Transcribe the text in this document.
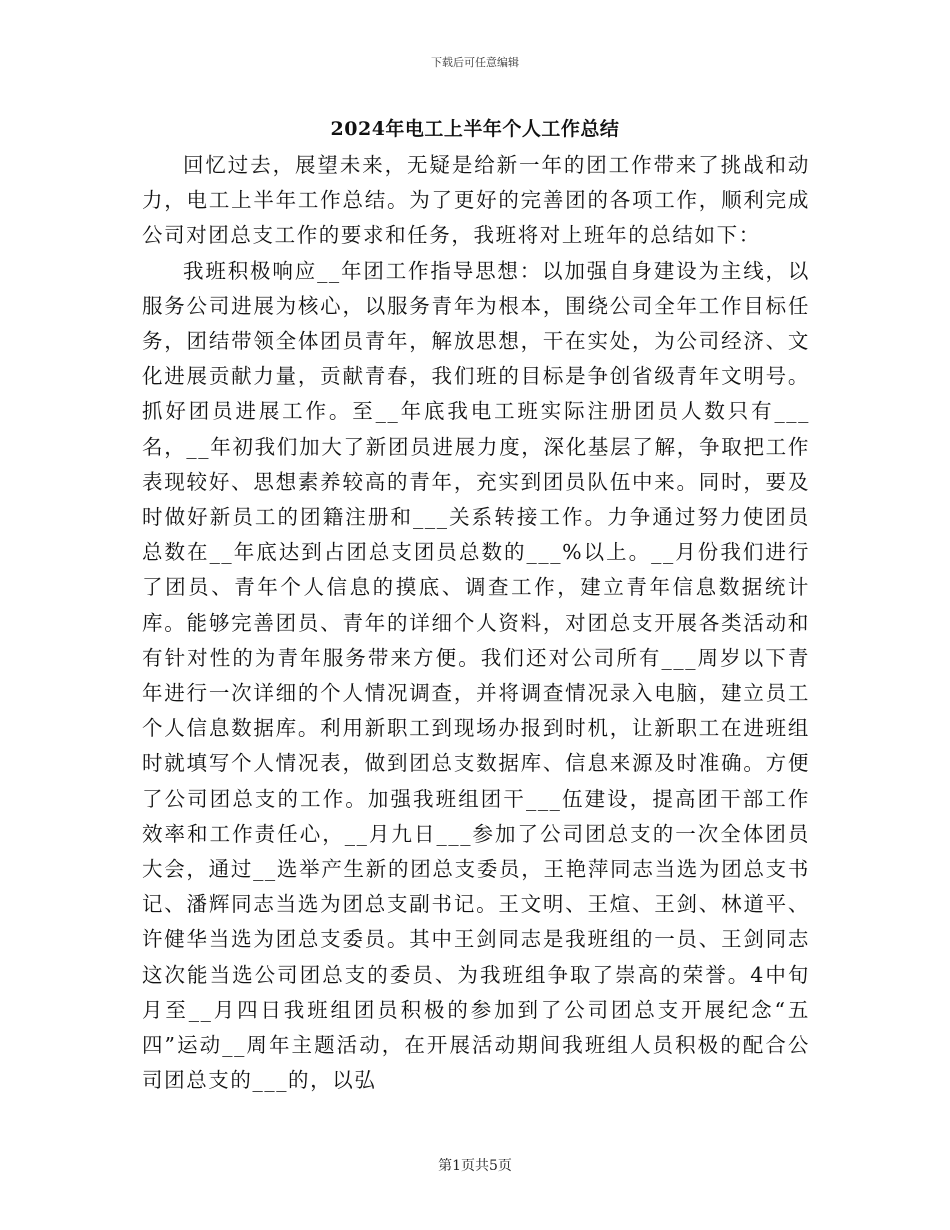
下载后可任意编辑
2024年电工上半年个人工作总结

回忆过去，展望未来，无疑是给新一年的团工作带来了挑战和动力，电工上半年工作总结。为了更好的完善团的各项工作，顺利完成公司对团总支工作的要求和任务，我班将对上班年的总结如下：

我班积极响应__年团工作指导思想：以加强自身建设为主线，以服务公司进展为核心，以服务青年为根本，围绕公司全年工作目标任务，团结带领全体团员青年，解放思想，干在实处，为公司经济、文化进展贡献力量，贡献青春，我们班的目标是争创省级青年文明号。抓好团员进展工作。至__年底我电工班实际注册团员人数只有___名，__年初我们加大了新团员进展力度，深化基层了解，争取把工作表现较好、思想素养较高的青年，充实到团员队伍中来。同时，要及时做好新员工的团籍注册和___关系转接工作。力争通过努力使团员总数在__年底达到占团总支团员总数的___%以上。__月份我们进行了团员、青年个人信息的摸底、调查工作，建立青年信息数据统计库。能够完善团员、青年的详细个人资料，对团总支开展各类活动和有针对性的为青年服务带来方便。我们还对公司所有___周岁以下青年进行一次详细的个人情况调查，并将调查情况录入电脑，建立员工个人信息数据库。利用新职工到现场办报到时机，让新职工在进班组时就填写个人情况表，做到团总支数据库、信息来源及时准确。方便了公司团总支的工作。加强我班组团干___伍建设，提高团干部工作效率和工作责任心，__月九日___参加了公司团总支的一次全体团员大会，通过__选举产生新的团总支委员，王艳萍同志当选为团总支书记、潘辉同志当选为团总支副书记。王文明、王煊、王剑、林道平、许健华当选为团总支委员。其中王剑同志是我班组的一员、王剑同志这次能当选公司团总支的委员、为我班组争取了崇高的荣誉。4中旬月至__月四日我班组团员积极的参加到了公司团总支开展纪念“五四”运动__周年主题活动，在开展活动期间我班组人员积极的配合公司团总支的___的，以弘

第1页共5页
